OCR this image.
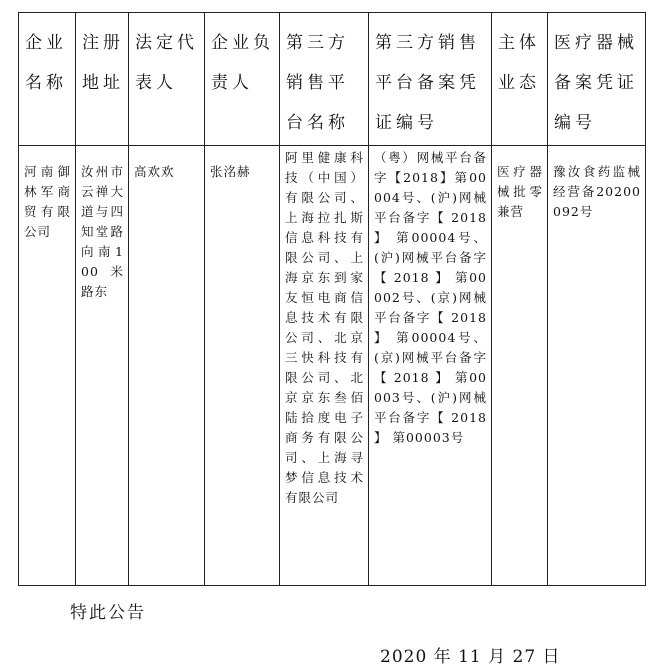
企业名称	注册地址	法定代表人	企业负责人	第三方销售平台名称	第三方销售平台备案凭证编号	主体业态	医疗器械备案凭证编号

河南御林军商贸有限公司	汝州市云禅大道与四知堂路向南100米路东	高欢欢	张洺赫	阿里健康科技（中国）有限公司、上海拉扎斯信息科技有限公司、上海京东到家友恒电商信息技术有限公司、北京三快科技有限公司、北京京东叁佰陆拾度电子商务有限公司、上海寻梦信息技术有限公司	（粤）网械平台备字【2018】第00004号、(沪)网械平台备字【 2018 】 第00004号、(沪)网械平台备字【 2018 】 第00002号、(京)网械平台备字【 2018 】 第00004号、(京)网械平台备字【 2018 】 第00003号、(沪)网械平台备字【 2018 】 第00003号	医疗器械批零兼营	豫汝食药监械经营备20200092号
特此公告
2020 年 11 月 27 日
